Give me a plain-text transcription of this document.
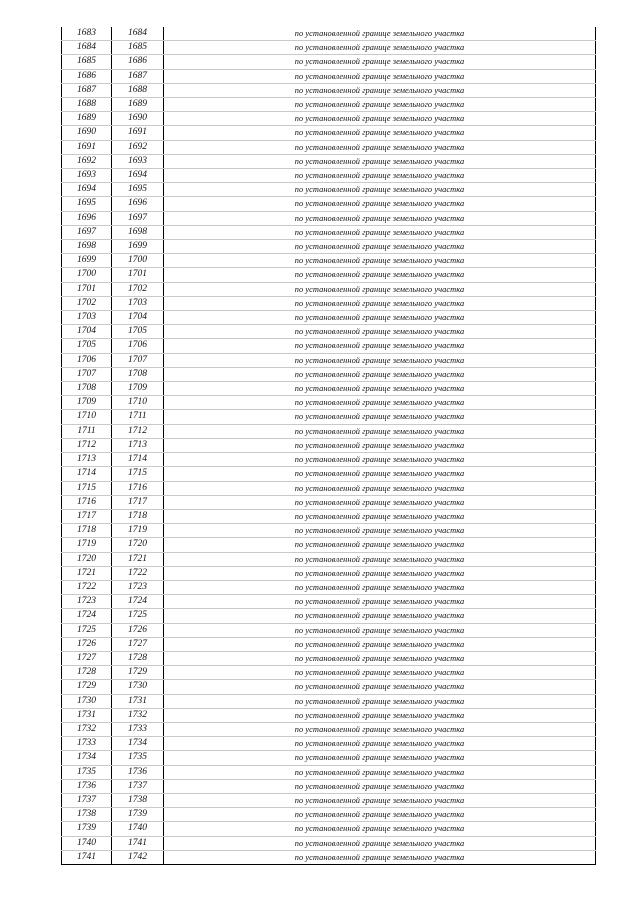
1683	1684	по установленной границе земельного участка
1684	1685	по установленной границе земельного участка
1685	1686	по установленной границе земельного участка
1686	1687	по установленной границе земельного участка
1687	1688	по установленной границе земельного участка
1688	1689	по установленной границе земельного участка
1689	1690	по установленной границе земельного участка
1690	1691	по установленной границе земельного участка
1691	1692	по установленной границе земельного участка
1692	1693	по установленной границе земельного участка
1693	1694	по установленной границе земельного участка
1694	1695	по установленной границе земельного участка
1695	1696	по установленной границе земельного участка
1696	1697	по установленной границе земельного участка
1697	1698	по установленной границе земельного участка
1698	1699	по установленной границе земельного участка
1699	1700	по установленной границе земельного участка
1700	1701	по установленной границе земельного участка
1701	1702	по установленной границе земельного участка
1702	1703	по установленной границе земельного участка
1703	1704	по установленной границе земельного участка
1704	1705	по установленной границе земельного участка
1705	1706	по установленной границе земельного участка
1706	1707	по установленной границе земельного участка
1707	1708	по установленной границе земельного участка
1708	1709	по установленной границе земельного участка
1709	1710	по установленной границе земельного участка
1710	1711	по установленной границе земельного участка
1711	1712	по установленной границе земельного участка
1712	1713	по установленной границе земельного участка
1713	1714	по установленной границе земельного участка
1714	1715	по установленной границе земельного участка
1715	1716	по установленной границе земельного участка
1716	1717	по установленной границе земельного участка
1717	1718	по установленной границе земельного участка
1718	1719	по установленной границе земельного участка
1719	1720	по установленной границе земельного участка
1720	1721	по установленной границе земельного участка
1721	1722	по установленной границе земельного участка
1722	1723	по установленной границе земельного участка
1723	1724	по установленной границе земельного участка
1724	1725	по установленной границе земельного участка
1725	1726	по установленной границе земельного участка
1726	1727	по установленной границе земельного участка
1727	1728	по установленной границе земельного участка
1728	1729	по установленной границе земельного участка
1729	1730	по установленной границе земельного участка
1730	1731	по установленной границе земельного участка
1731	1732	по установленной границе земельного участка
1732	1733	по установленной границе земельного участка
1733	1734	по установленной границе земельного участка
1734	1735	по установленной границе земельного участка
1735	1736	по установленной границе земельного участка
1736	1737	по установленной границе земельного участка
1737	1738	по установленной границе земельного участка
1738	1739	по установленной границе земельного участка
1739	1740	по установленной границе земельного участка
1740	1741	по установленной границе земельного участка
1741	1742	по установленной границе земельного участка
